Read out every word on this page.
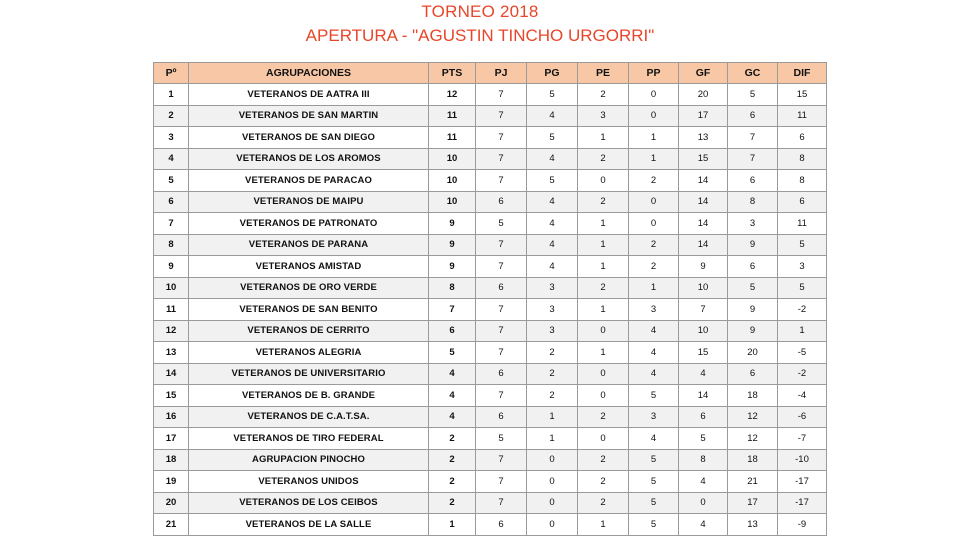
TORNEO 2018
APERTURA - "AGUSTIN TINCHO URGORRI"
Pº	AGRUPACIONES	PTS	PJ	PG	PE	PP	GF	GC	DIF
1	VETERANOS DE AATRA III	12	7	5	2	0	20	5	15
2	VETERANOS DE SAN MARTIN	11	7	4	3	0	17	6	11
3	VETERANOS DE SAN DIEGO	11	7	5	1	1	13	7	6
4	VETERANOS DE LOS AROMOS	10	7	4	2	1	15	7	8
5	VETERANOS DE PARACAO	10	7	5	0	2	14	6	8
6	VETERANOS DE MAIPU	10	6	4	2	0	14	8	6
7	VETERANOS DE PATRONATO	9	5	4	1	0	14	3	11
8	VETERANOS DE PARANA	9	7	4	1	2	14	9	5
9	VETERANOS AMISTAD	9	7	4	1	2	9	6	3
10	VETERANOS DE ORO VERDE	8	6	3	2	1	10	5	5
11	VETERANOS DE SAN BENITO	7	7	3	1	3	7	9	-2
12	VETERANOS DE CERRITO	6	7	3	0	4	10	9	1
13	VETERANOS ALEGRIA	5	7	2	1	4	15	20	-5
14	VETERANOS DE UNIVERSITARIO	4	6	2	0	4	4	6	-2
15	VETERANOS DE B. GRANDE	4	7	2	0	5	14	18	-4
16	VETERANOS DE C.A.T.SA.	4	6	1	2	3	6	12	-6
17	VETERANOS DE TIRO FEDERAL	2	5	1	0	4	5	12	-7
18	AGRUPACION PINOCHO	2	7	0	2	5	8	18	-10
19	VETERANOS UNIDOS	2	7	0	2	5	4	21	-17
20	VETERANOS DE LOS CEIBOS	2	7	0	2	5	0	17	-17
21	VETERANOS DE LA SALLE	1	6	0	1	5	4	13	-9
